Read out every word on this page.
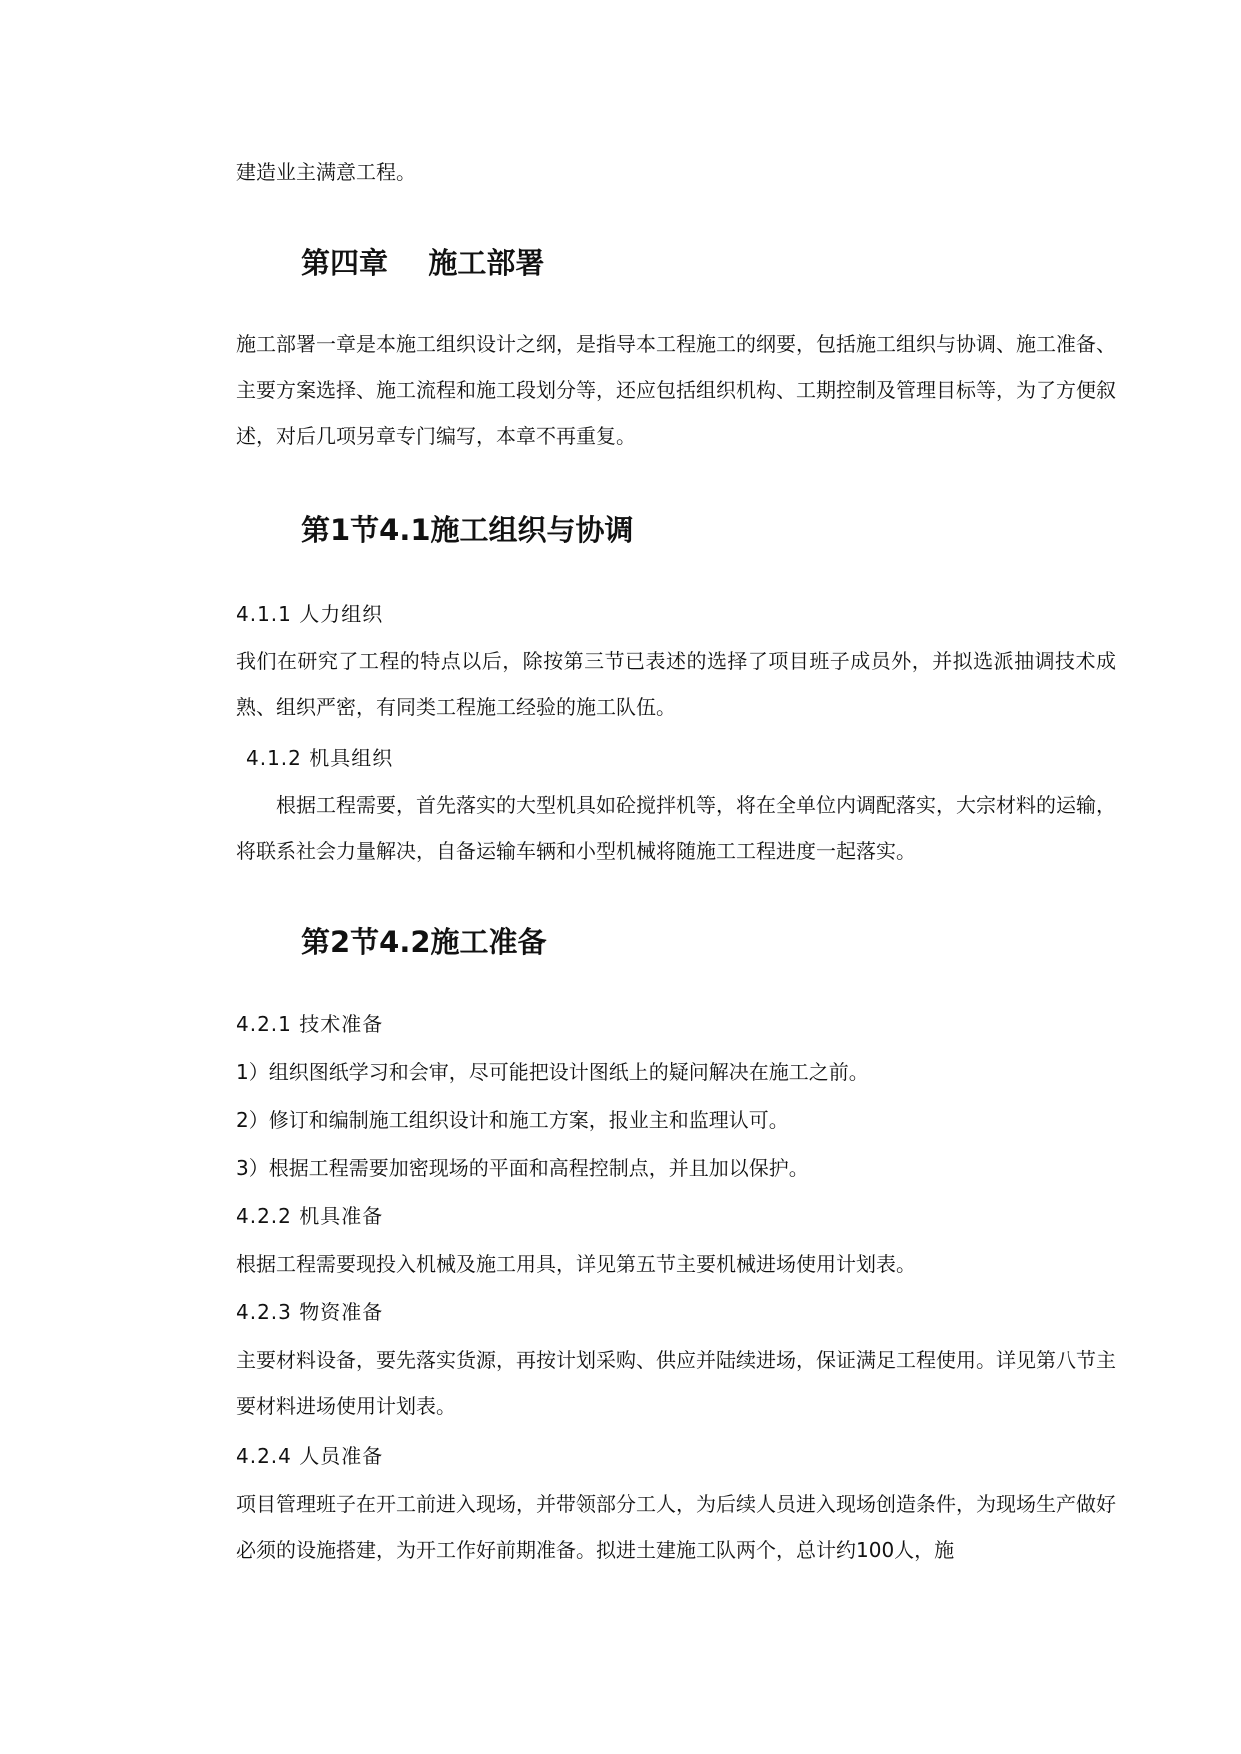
建造业主满意工程。

第四章    施工部署

施工部署一章是本施工组织设计之纲，是指导本工程施工的纲要，包括施工组织与协调、施工准备、主要方案选择、施工流程和施工段划分等，还应包括组织机构、工期控制及管理目标等，为了方便叙述，对后几项另章专门编写，本章不再重复。

第1节4.1施工组织与协调
4.1.1 人力组织

我们在研究了工程的特点以后，除按第三节已表述的选择了项目班子成员外，并拟选派抽调技术成熟、组织严密，有同类工程施工经验的施工队伍。

4.1.2 机具组织

根据工程需要，首先落实的大型机具如砼搅拌机等，将在全单位内调配落实，大宗材料的运输，将联系社会力量解决，自备运输车辆和小型机械将随施工工程进度一起落实。

第2节4.2施工准备
4.2.1 技术准备
1）组织图纸学习和会审，尽可能把设计图纸上的疑问解决在施工之前。
2）修订和编制施工组织设计和施工方案，报业主和监理认可。
3）根据工程需要加密现场的平面和高程控制点，并且加以保护。
4.2.2 机具准备

根据工程需要现投入机械及施工用具，详见第五节主要机械进场使用计划表。

4.2.3 物资准备

主要材料设备，要先落实货源，再按计划采购、供应并陆续进场，保证满足工程使用。详见第八节主要材料进场使用计划表。

4.2.4 人员准备

项目管理班子在开工前进入现场，并带领部分工人，为后续人员进入现场创造条件，为现场生产做好必须的设施搭建，为开工作好前期准备。拟进土建施工队两个，总计约100人，施
